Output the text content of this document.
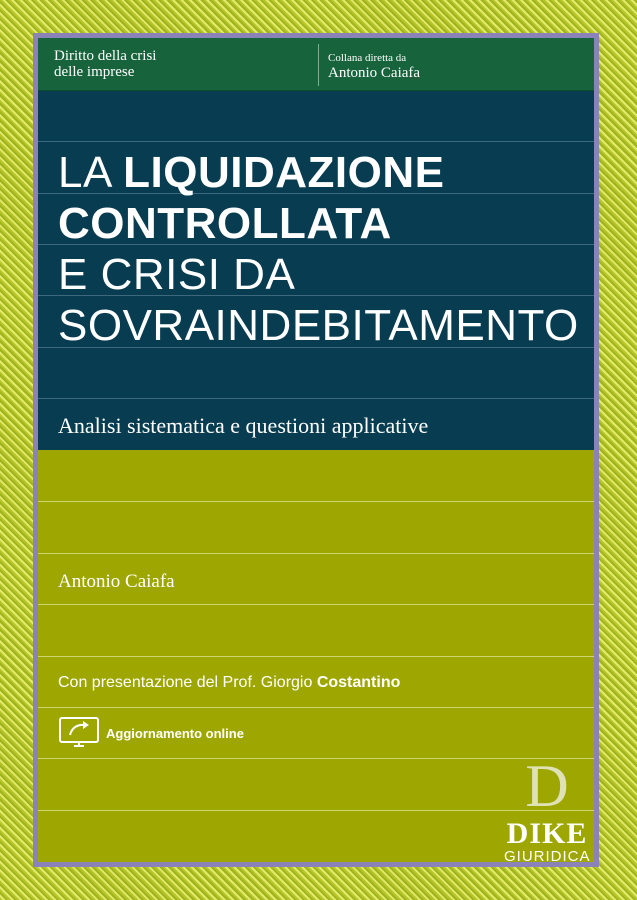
Diritto della crisi
delle imprese
Collana diretta da
Antonio Caiafa
LA LIQUIDAZIONE
CONTROLLATA
E CRISI DA
SOVRAINDEBITAMENTO
Analisi sistematica e questioni applicative
Antonio Caiafa
Con presentazione del Prof. Giorgio Costantino
Aggiornamento online
D
DIKE
GIURIDICA
